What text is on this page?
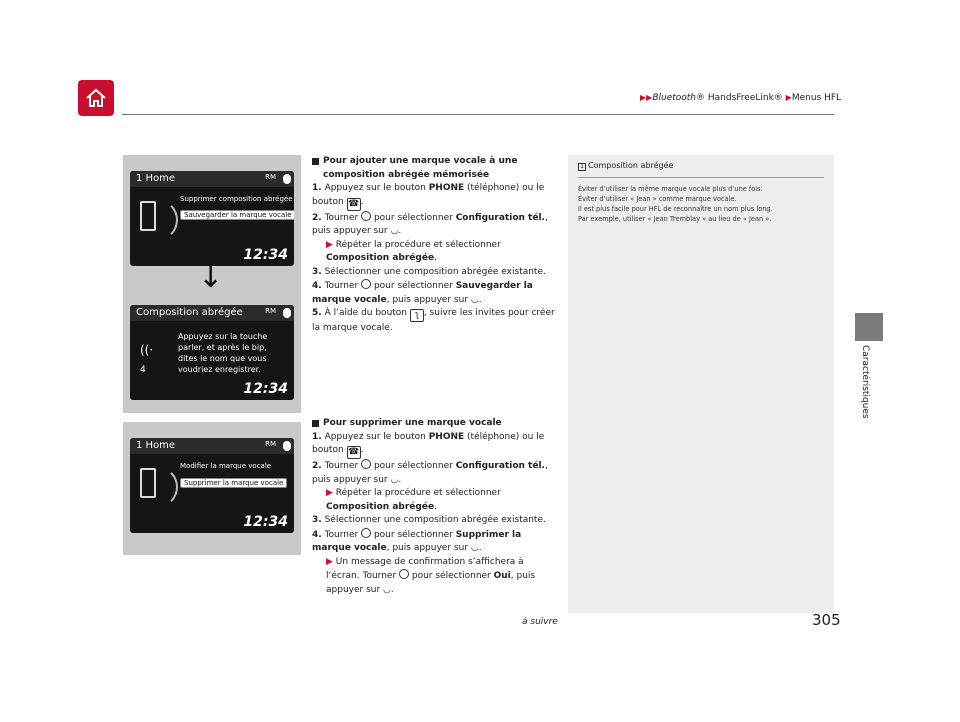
▶▶Bluetooth® HandsFreeLink® ▶Menus HFL
Caractéristiques
1 Home	RM
Supprimer composition abrégée
Sauvegarder la marque vocale
12:34
↓
Composition abrégée	RM
((·
4
Appuyez sur la touche
parler, et après le bip,
dites le nom que vous
voudriez enregistrer.
12:34
1 Home	RM
Modifier la marque vocale
Supprimer la marque vocale
12:34
Pour ajouter une marque vocale à une composition abrégée mémorisée

1. Appuyez sur le bouton PHONE (téléphone) ou le bouton ☎.

2. Tourner  pour sélectionner Configuration tél., puis appuyer sur ◡.

▶ Répéter la procédure et sélectionner Composition abrégée.

3. Sélectionner une composition abrégée existante.

4. Tourner  pour sélectionner Sauvegarder la marque vocale, puis appuyer sur ◡.

5. À l’aide du bouton ʅ , suivre les invites pour créer la marque vocale.

Pour supprimer une marque vocale

1. Appuyez sur le bouton PHONE (téléphone) ou le bouton ☎.

2. Tourner  pour sélectionner Configuration tél., puis appuyer sur ◡.

▶ Répéter la procédure et sélectionner Composition abrégée.

3. Sélectionner une composition abrégée existante.

4. Tourner  pour sélectionner Supprimer la marque vocale, puis appuyer sur ◡.

▶ Un message de confirmation s’affichera à l’écran. Tourner  pour sélectionner Oui, puis appuyer sur ◡.

1 Composition abrégée
Éviter d’utiliser la même marque vocale plus d’une fois.
Éviter d’utiliser « Jean » comme marque vocale.
Il est plus facile pour HFL de reconnaître un nom plus long.
Par exemple, utiliser « Jean Tremblay » au lieu de « Jean ».
à suivre	305
